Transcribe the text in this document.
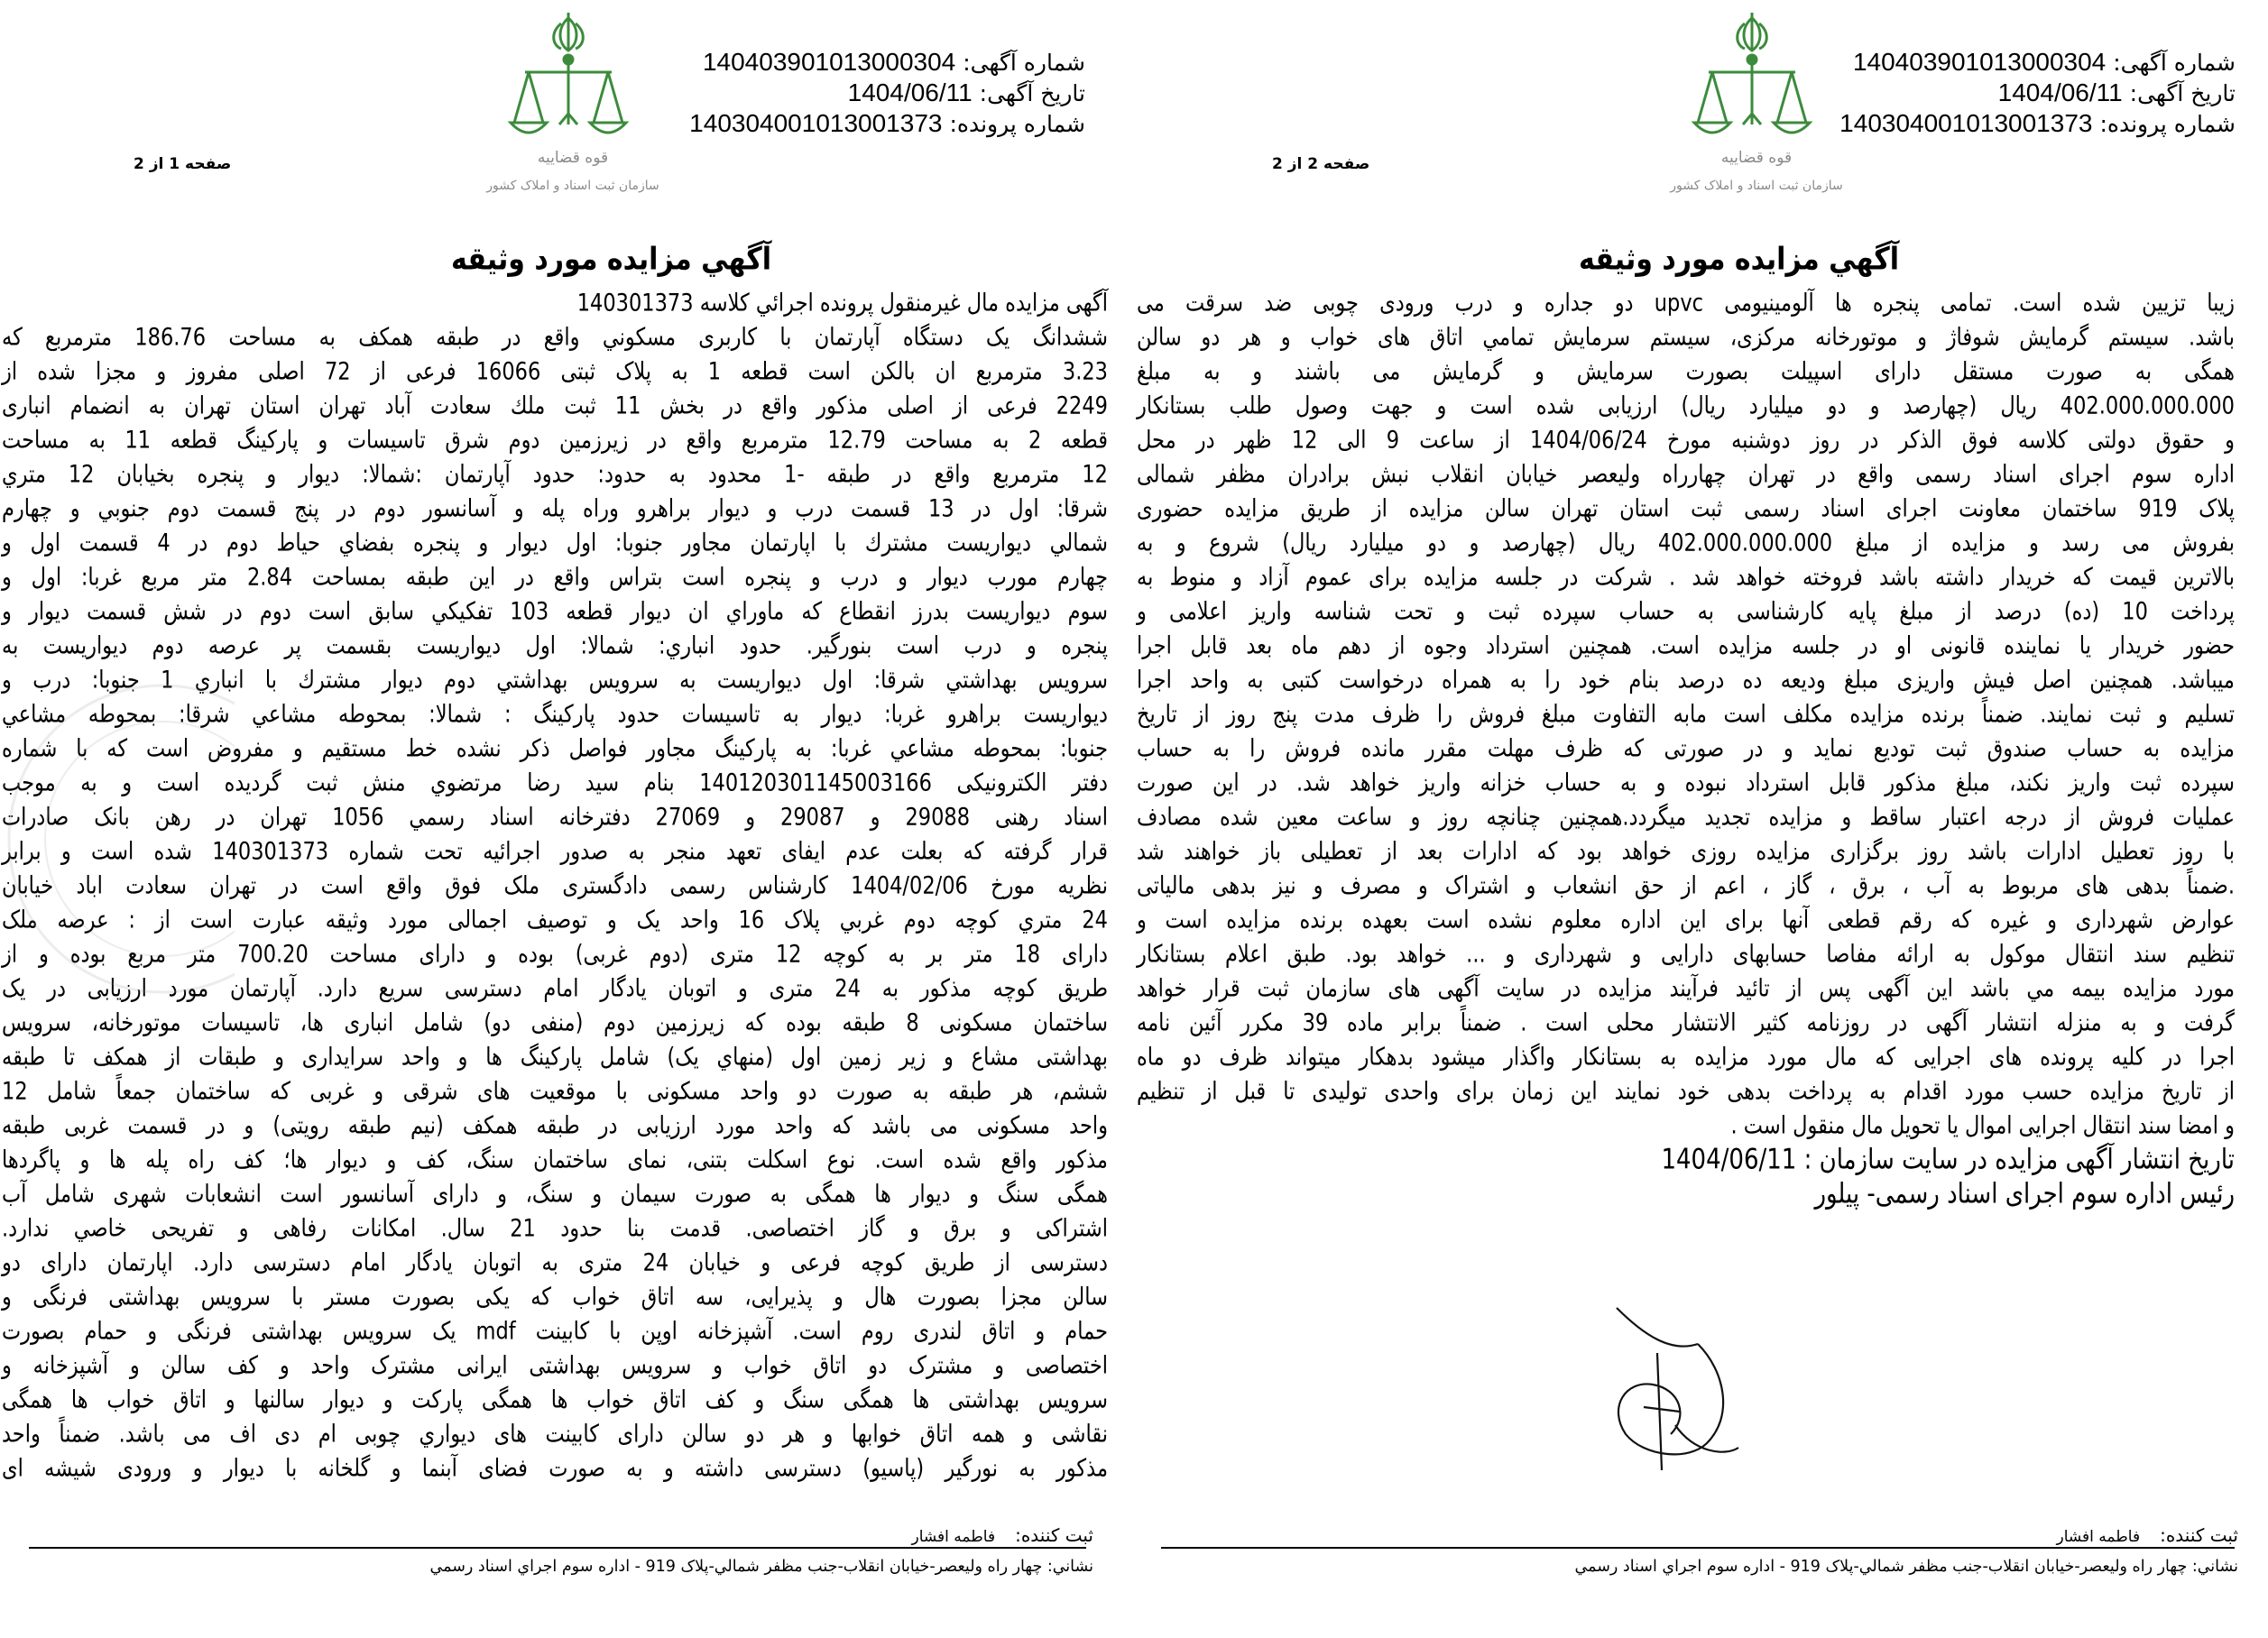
شماره آگهی: 140403901013000304
تاریخ آگهی: 1404/06/11
شماره پرونده: 140304001013001373
قوه قضاییه
سازمان ثبت اسناد و املاک کشور
صفحه 1 از 2
آگهي مزایده مورد وثیقه
آگهی مزایده مال غیرمنقول پرونده اجرائي کلاسه 140301373
ششدانگ یک دستگاه آپارتمان با کاربری مسکوني واقع در طبقه همکف به مساحت 186.76 مترمربع که
3.23 مترمربع ان بالکن است قطعه 1 به پلاک ثبتی 16066 فرعی از 72 اصلی مفروز و مجزا شده از
2249 فرعی از اصلی مذکور واقع در بخش 11 ثبت ملك سعادت آباد تهران استان تهران به انضمام انباری
قطعه 2 به مساحت 12.79 مترمربع واقع در زیرزمین دوم شرق تاسیسات و پارکینگ قطعه 11 به مساحت
12 مترمربع واقع در طبقه -1 محدود به حدود: حدود آپارتمان :شمالا: دیوار و پنجره بخیابان 12 متري
شرقا: اول در 13 قسمت درب و دیوار براهرو وراه پله و آسانسور دوم در پنج قسمت دوم جنوبي و چهارم
شمالي دیواریست مشترك با اپارتمان مجاور جنوبا: اول دیوار و پنجره بفضاي حیاط دوم در 4 قسمت اول و
چهارم مورب دیوار و درب و پنجره است بتراس واقع در این طبقه بمساحت 2.84 متر مربع غربا: اول و
سوم دیواریست بدرز انقطاع که ماوراي ان دیوار قطعه 103 تفکیکي سابق است دوم در شش قسمت دیوار و
پنجره و درب است بنورگیر. حدود انباري: شمالا: اول دیواریست بقسمت پر عرصه دوم دیواریست به
سرویس بهداشتي شرقا: اول دیواریست به سرویس بهداشتي دوم دیوار مشترك با انباري 1 جنوبا: درب و
دیواریست براهرو غربا: دیوار به تاسیسات حدود پارکینگ : شمالا: بمحوطه مشاعي شرقا: بمحوطه مشاعي
جنوبا: بمحوطه مشاعي غربا: به پارکینگ مجاور فواصل ذکر نشده خط مستقیم و مفروض است که با شماره
دفتر الکترونیکی 140120301145003166 بنام سید رضا مرتضوي منش ثبت گردیده است و به موجب
اسناد رهنی 29088 و 29087 و 27069 دفترخانه اسناد رسمي 1056 تهران در رهن بانک صادرات
قرار گرفته که بعلت عدم ایفای تعهد منجر به صدور اجرائیه تحت شماره 140301373 شده است و برابر
نظریه مورخ 1404/02/06 کارشناس رسمی دادگستری ملک فوق واقع است در تهران سعادت اباد خیابان
24 متري کوچه دوم غربي پلاک 16 واحد یک و توصیف اجمالی مورد وثیقه عبارت است از : عرصه ملک
دارای 18 متر بر به کوچه 12 متری (دوم غربی) بوده و دارای مساحت 700.20 متر مربع بوده و از
طریق کوچه مذکور به 24 متری و اتوبان یادگار امام دسترسی سریع دارد. آپارتمان مورد ارزیابی در یک
ساختمان مسکونی 8 طبقه بوده که زیرزمین دوم (منفی دو) شامل انباری ها، تاسیسات موتورخانه، سرویس
بهداشتی مشاع و زیر زمین اول (منهاي یک) شامل پارکینگ ها و واحد سرایداری و طبقات از همکف تا طبقه
ششم، هر طبقه به صورت دو واحد مسکونی با موقعیت های شرقی و غربی که ساختمان جمعاً شامل 12
واحد مسکونی می باشد که واحد مورد ارزیابی در طبقه همکف (نیم طبقه رویتی) و در قسمت غربی طبقه
مذکور واقع شده است. نوع اسکلت بتنی، نمای ساختمان سنگ، کف و دیوار ها؛ کف راه پله ها و پاگردها
همگی سنگ و دیوار ها همگی به صورت سیمان و سنگ، و دارای آسانسور است انشعابات شهری شامل آب
اشتراکی و برق و گاز اختصاصی. قدمت بنا حدود 21 سال. امکانات رفاهی و تفریحی خاصي ندارد.
دسترسی از طریق کوچه فرعی و خیابان 24 متری به اتوبان یادگار امام دسترسی دارد. اپارتمان دارای دو
سالن مجزا بصورت هال و پذیرایی، سه اتاق خواب که یکی بصورت مستر با سرویس بهداشتی فرنگی و
حمام و اتاق لندری روم است. آشپزخانه اوپن با کابینت mdf یک سرویس بهداشتی فرنگی و حمام بصورت
اختصاصی و مشترک دو اتاق خواب و سرویس بهداشتی ایرانی مشترک واحد و کف سالن و آشپزخانه و
سرویس بهداشتی ها همگی سنگ و کف اتاق خواب ها همگی پارکت و دیوار سالنها و اتاق خواب ها همگی
نقاشی و همه اتاق خوابها و هر دو سالن دارای کابینت های دیواري چوبی ام دی اف می باشد. ضمناً واحد
مذکور به نورگیر (پاسیو) دسترسی داشته و به صورت فضای آبنما و گلخانه با دیوار و ورودی شیشه ای
ثبت کننده:فاطمه افشار
نشاني: چهار راه ولیعصر-خیابان انقلاب-جنب مظفر شمالي-پلاک 919 - اداره سوم اجراي اسناد رسمي
شماره آگهی: 140403901013000304
تاریخ آگهی: 1404/06/11
شماره پرونده: 140304001013001373
قوه قضاییه
سازمان ثبت اسناد و املاک کشور
صفحه 2 از 2
آگهي مزایده مورد وثیقه
زیبا تزیین شده است. تمامی پنجره ها آلومینیومی upvc دو جداره و درب ورودی چوبی ضد سرقت می
باشد. سیستم گرمایش شوفاژ و موتورخانه مرکزی، سیستم سرمایش تمامي اتاق های خواب و هر دو سالن
همگی به صورت مستقل دارای اسپیلت بصورت سرمایش و گرمایش می باشند و به مبلغ
402.000.000.000 ریال (چهارصد و دو میلیارد ریال) ارزیابی شده است و جهت وصول طلب بستانکار
و حقوق دولتی کلاسه فوق الذکر در روز دوشنبه مورخ 1404/06/24 از ساعت 9 الی 12 ظهر در محل
اداره سوم اجرای اسناد رسمی واقع در تهران چهارراه ولیعصر خیابان انقلاب نبش برادران مظفر شمالی
پلاک 919 ساختمان معاونت اجرای اسناد رسمی ثبت استان تهران سالن مزایده از طریق مزایده حضوری
بفروش می رسد و مزایده از مبلغ 402.000.000.000 ریال (چهارصد و دو میلیارد ریال) شروع و به
بالاترین قیمت که خریدار داشته باشد فروخته خواهد شد . شرکت در جلسه مزایده برای عموم آزاد و منوط به
پرداخت 10 (ده) درصد از مبلغ پایه کارشناسی به حساب سپرده ثبت و تحت شناسه واریز اعلامی و
حضور خریدار یا نماینده قانونی او در جلسه مزایده است. همچنین استرداد وجوه از دهم ماه بعد قابل اجرا
میباشد. همچنین اصل فیش واریزی مبلغ ودیعه ده درصد بنام خود را به همراه درخواست کتبی به واحد اجرا
تسلیم و ثبت نمایند. ضمناً برنده مزایده مکلف است مابه التفاوت مبلغ فروش را ظرف مدت پنج روز از تاریخ
مزایده به حساب صندوق ثبت تودیع نماید و در صورتی که ظرف مهلت مقرر مانده فروش را به حساب
سپرده ثبت واریز نکند، مبلغ مذکور قابل استرداد نبوده و به حساب خزانه واریز خواهد شد. در این صورت
عملیات فروش از درجه اعتبار ساقط و مزایده تجدید میگردد.همچنین چنانچه روز و ساعت معین شده مصادف
با روز تعطیل ادارات باشد روز برگزاری مزایده روزی خواهد بود که ادارات بعد از تعطیلی باز خواهند شد
.ضمناً بدهی های مربوط به آب ، برق ، گاز ، اعم از حق انشعاب و اشتراک و مصرف و نیز بدهی مالیاتی
عوارض شهرداری و غیره که رقم قطعی آنها برای این اداره معلوم نشده است بعهده برنده مزایده است و
تنظیم سند انتقال موکول به ارائه مفاصا حسابهای دارایی و شهرداری و ... خواهد بود. طبق اعلام بستانکار
مورد مزایده بیمه مي باشد این آگهی پس از تائید فرآیند مزایده در سایت آگهی های سازمان ثبت قرار خواهد
گرفت و به منزله انتشار آگهی در روزنامه کثیر الانتشار محلی است . ضمناً برابر ماده 39 مکرر آئین نامه
اجرا در کلیه پرونده های اجرایی که مال مورد مزایده به بستانکار واگذار میشود بدهکار میتواند ظرف دو ماه
از تاریخ مزایده حسب مورد اقدام به پرداخت بدهی خود نمایند این زمان برای واحدی تولیدی تا قبل از تنظیم
و امضا سند انتقال اجرایی اموال یا تحویل مال منقول است .
تاریخ انتشار آگهی مزایده در سایت سازمان : 1404/06/11
رئیس اداره سوم اجرای اسناد رسمی- پیلور
ثبت کننده:فاطمه افشار
نشاني: چهار راه ولیعصر-خیابان انقلاب-جنب مظفر شمالي-پلاک 919 - اداره سوم اجراي اسناد رسمي
